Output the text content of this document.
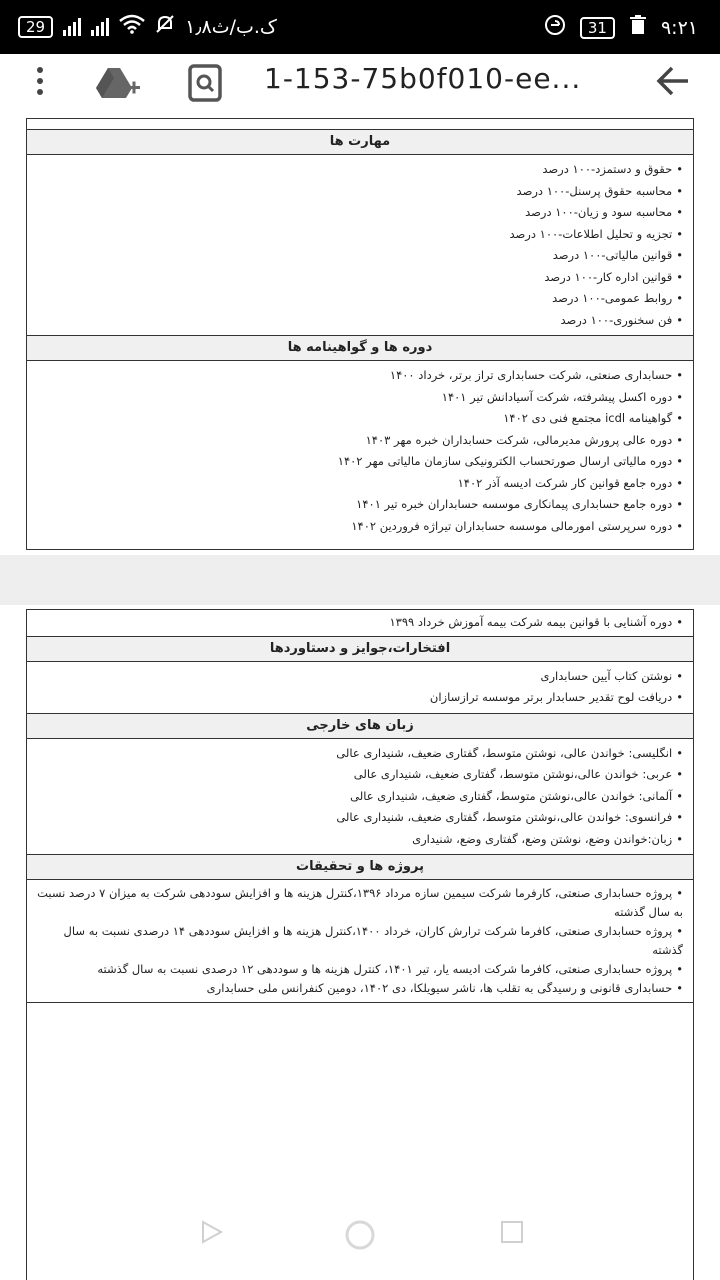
29	۱٫۸ک.ب/ث	31	۹:۲۱
1-153-75b0f010-ee...
مهارت ها
• حقوق و دستمزد-۱۰۰ درصد
• محاسبه حقوق پرسنل-۱۰۰ درصد
• محاسبه سود و زیان-۱۰۰ درصد
• تجزیه و تحلیل اطلاعات-۱۰۰ درصد
• قوانین مالیاتی-۱۰۰ درصد
• قوانین اداره کار-۱۰۰ درصد
• روابط عمومی-۱۰۰ درصد
• فن سخنوری-۱۰۰ درصد
دوره ها و گواهینامه ها
• حسابداری صنعتی، شرکت حسابداری تراز برتر، خرداد ۱۴۰۰
• دوره اکسل پیشرفته، شرکت آسیادانش تیر ۱۴۰۱
• گواهینامه icdl مجتمع فنی دی ۱۴۰۲
• دوره عالی پرورش مدیرمالی، شرکت حسابداران خبره مهر ۱۴۰۳
• دوره مالیاتی ارسال صورتحساب الکترونیکی سازمان مالیاتی مهر ۱۴۰۲
• دوره جامع قوانین کار شرکت ادیسه آذر ۱۴۰۲
• دوره جامع حسابداری پیمانکاری موسسه حسابداران خبره تیر ۱۴۰۱
• دوره سرپرستی امورمالی موسسه حسابداران تیراژه فروردین ۱۴۰۲
• دوره آشنایی با قوانین بیمه شرکت بیمه آموزش خرداد ۱۳۹۹
افتخارات،جوایز و دستاوردها
• نوشتن کتاب آیین حسابداری
• دریافت لوح تقدیر حسابدار برتر موسسه ترازسازان
زبان های خارجی
• انگلیسی: خواندن عالی، نوشتن متوسط، گفتاری ضعیف، شنیداری عالی
• عربی: خواندن عالی،نوشتن متوسط، گفتاری ضعیف، شنیداری عالی
• آلمانی: خواندن عالی،نوشتن متوسط، گفتاری ضعیف، شنیداری عالی
• فرانسوی: خواندن عالی،نوشتن متوسط، گفتاری ضعیف، شنیداری عالی
• زبان:خواندن وضع، نوشتن وضع، گفتاری وضع، شنیداری
پروژه ها و تحقیقات
• پروژه حسابداری صنعتی، کارفرما شرکت سیمین سازه مرداد ۱۳۹۶،کنترل هزینه ها و افزایش سوددهی شرکت به میزان ۷ درصد نسبت به سال گذشته
• پروژه حسابداری صنعتی، کافرما شرکت ترارش کاران، خرداد ۱۴۰۰،کنترل هزینه ها و افزایش سوددهی ۱۴ درصدی نسبت به سال گذشته
• پروژه حسابداری صنعتی، کافرما شرکت ادیسه یار، تیر ۱۴۰۱، کنترل هزینه ها و سوددهی ۱۲ درصدی نسبت به سال گذشته
• حسابداری قانونی و رسیدگی به تقلب ها، ناشر سیویلکا، دی ۱۴۰۲، دومین کنفرانس ملی حسابداری
